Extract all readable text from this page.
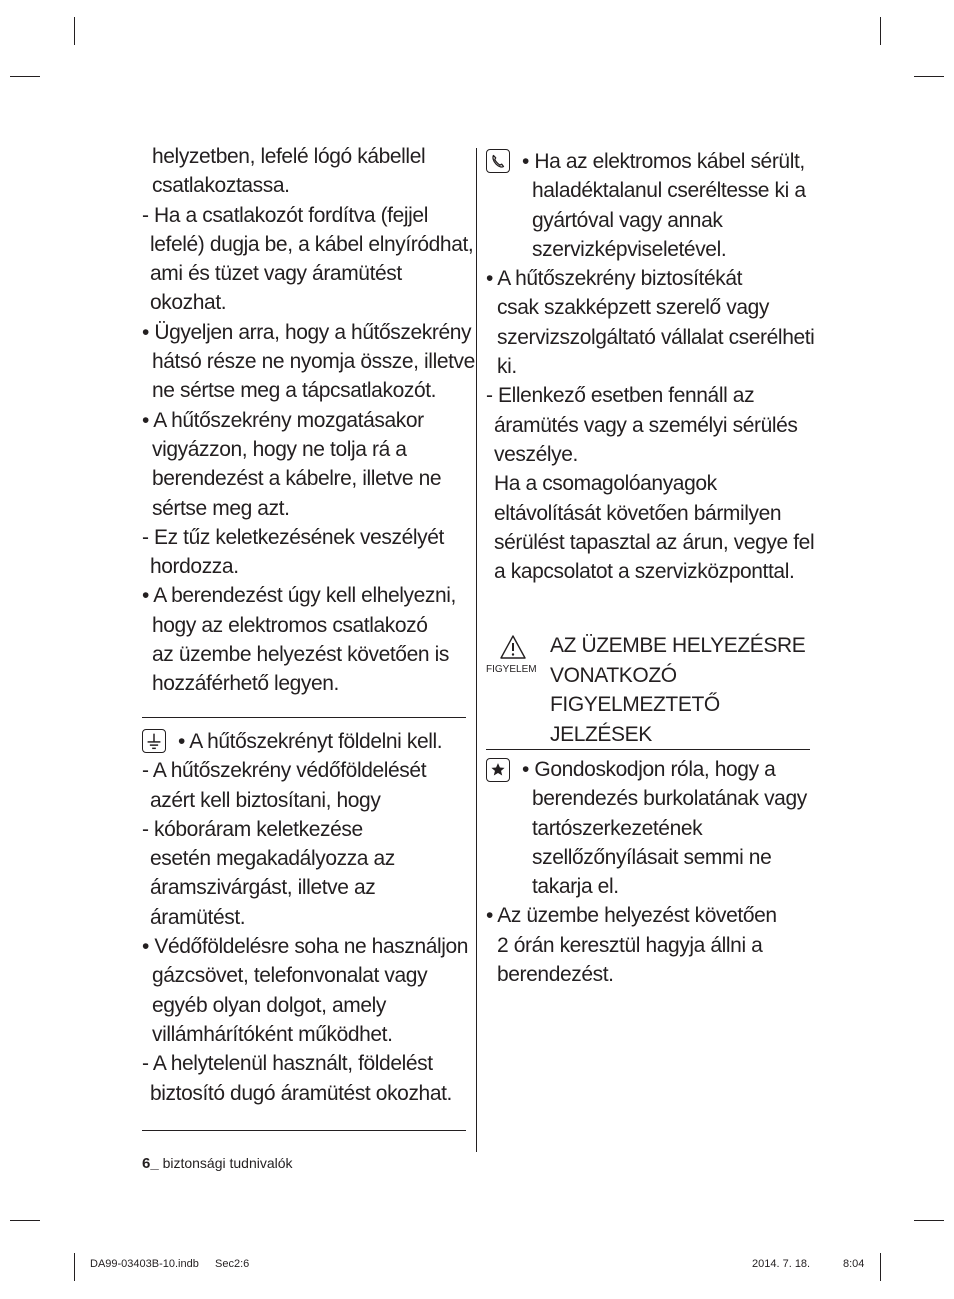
helyzetben, lefelé lógó kábellel
csatlakoztassa.
- Ha a csatlakozót fordítva (fejjel
lefelé) dugja be, a kábel elnyíródhat,
ami és tüzet vagy áramütést
okozhat.
• Ügyeljen arra, hogy a hűtőszekrény
hátsó része ne nyomja össze, illetve
ne sértse meg a tápcsatlakozót.
• A hűtőszekrény mozgatásakor
vigyázzon, hogy ne tolja rá a
berendezést a kábelre, illetve ne
sértse meg azt.
- Ez tűz keletkezésének veszélyét
hordozza.
• A berendezést úgy kell elhelyezni,
hogy az elektromos csatlakozó
az üzembe helyezést követően is
hozzáférhető legyen.
• A hűtőszekrényt földelni kell.
- A hűtőszekrény védőföldelését
azért kell biztosítani, hogy
- kóboráram keletkezése
esetén megakadályozza az
áramszivárgást, illetve az
áramütést.
• Védőföldelésre soha ne használjon
gázcsövet, telefonvonalat vagy
egyéb olyan dolgot, amely
villámhárítóként működhet.
- A helytelenül használt, földelést
biztosító dugó áramütést okozhat.
• Ha az elektromos kábel sérült,
haladéktalanul cseréltesse ki a
gyártóval vagy annak
szervizképviseletével.
• A hűtőszekrény biztosítékát
csak szakképzett szerelő vagy
szervizszolgáltató vállalat cserélheti
ki.
- Ellenkező esetben fennáll az
áramütés vagy a személyi sérülés
veszélye.
Ha a csomagolóanyagok
eltávolítását követően bármilyen
sérülést tapasztal az árun, vegye fel
a kapcsolatot a szervizközponttal.
FIGYELEM
AZ ÜZEMBE HELYEZÉSRE
VONATKOZÓ
FIGYELMEZTETŐ
JELZÉSEK
• Gondoskodjon róla, hogy a
berendezés burkolatának vagy
tartószerkezetének
szellőzőnyílásait semmi ne
takarja el.
• Az üzembe helyezést követően
2 órán keresztül hagyja állni a
berendezést.
6_ biztonsági tudnivalók
DA99-03403B-10.indb Sec2:6	2014. 7. 18.	8:04
